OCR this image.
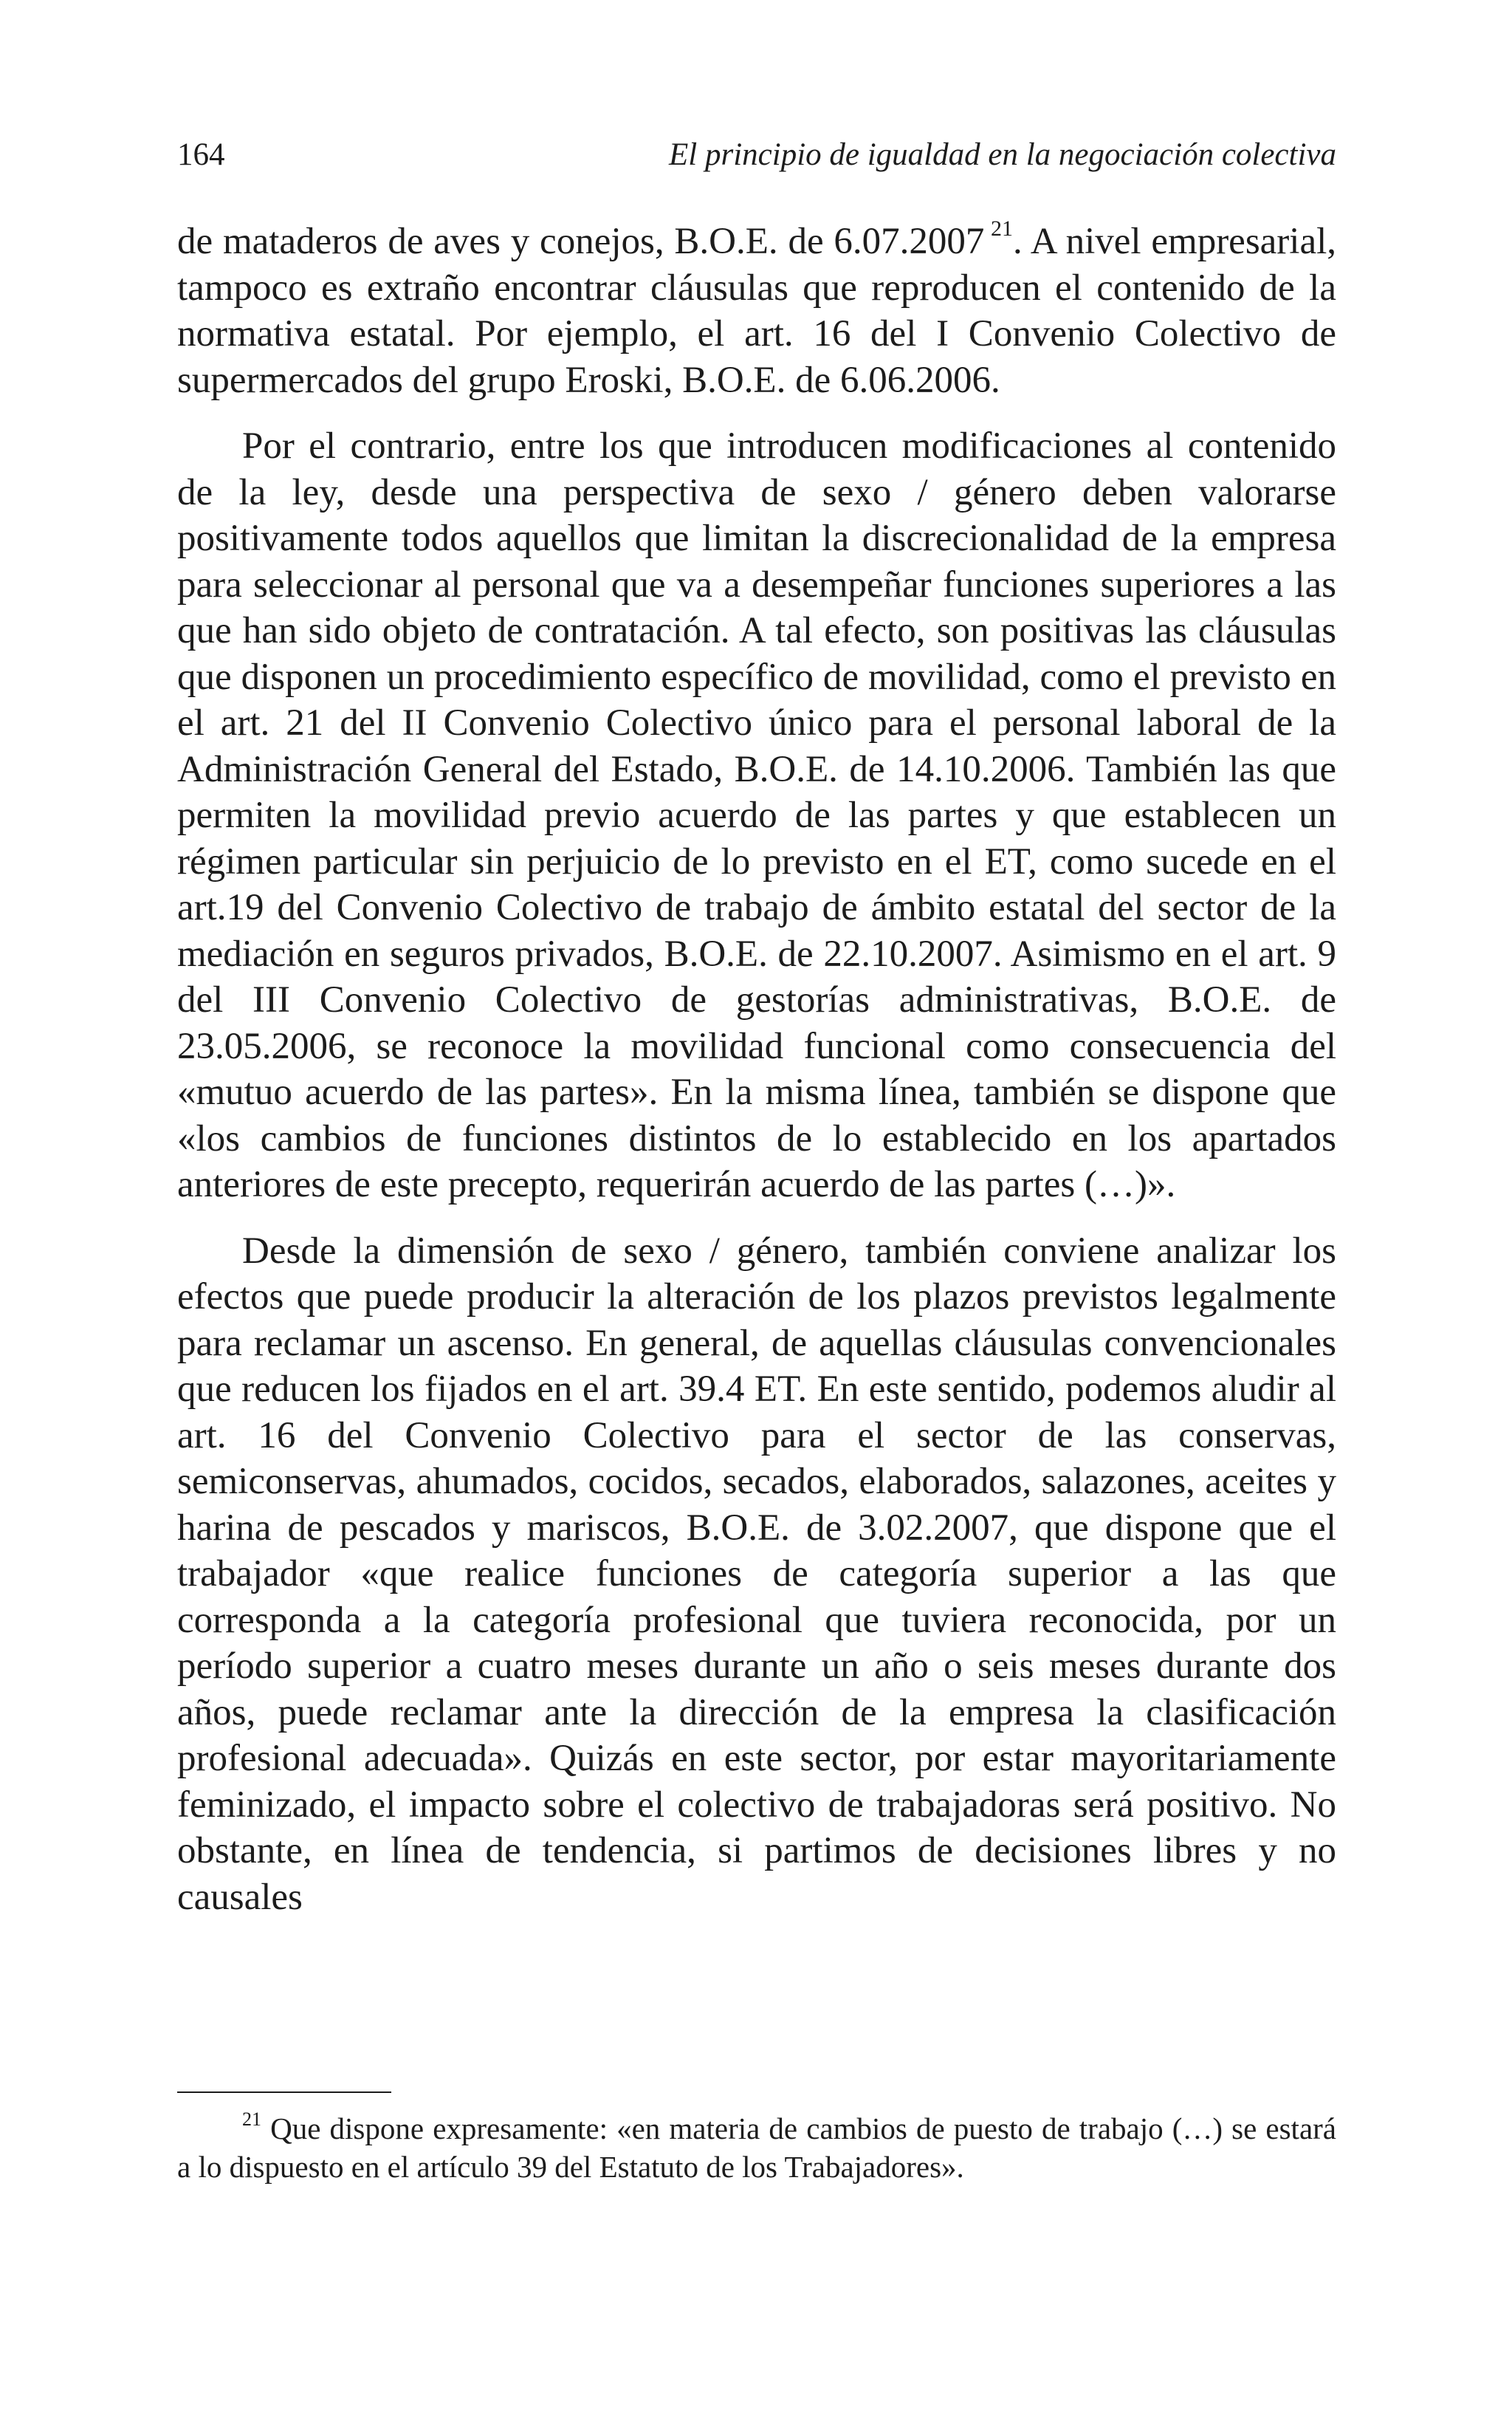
164	El principio de igualdad en la negociación colectiva

de mataderos de aves y conejos, B.O.E. de 6.07.2007 $^{21}$. A nivel empresarial, tampoco es extraño encontrar cláusulas que reproducen el contenido de la normativa estatal. Por ejemplo, el art. 16 del I Convenio Colectivo de supermercados del grupo Eroski, B.O.E. de 6.06.2006.

Por el contrario, entre los que introducen modificaciones al contenido de la ley, desde una perspectiva de sexo / género deben valorarse positivamente todos aquellos que limitan la discrecionalidad de la empresa para seleccionar al personal que va a desempeñar funciones superiores a las que han sido objeto de contratación. A tal efecto, son positivas las cláusulas que disponen un procedimiento específico de movilidad, como el previsto en el art. 21 del II Convenio Colectivo único para el personal laboral de la Administración General del Estado, B.O.E. de 14.10.2006. También las que permiten la movilidad previo acuerdo de las partes y que establecen un régimen particular sin perjuicio de lo previsto en el ET, como sucede en el art.19 del Convenio Colectivo de trabajo de ámbito estatal del sector de la mediación en seguros privados, B.O.E. de 22.10.2007. Asimismo en el art. 9 del III Convenio Colectivo de gestorías administrativas, B.O.E. de 23.05.2006, se reconoce la movilidad funcional como consecuencia del «mutuo acuerdo de las partes». En la misma línea, también se dispone que «los cambios de funciones distintos de lo establecido en los apartados anteriores de este precepto, requerirán acuerdo de las partes (…)».

Desde la dimensión de sexo / género, también conviene analizar los efectos que puede producir la alteración de los plazos previstos legalmente para reclamar un ascenso. En general, de aquellas cláusulas convencionales que reducen los fijados en el art. 39.4 ET. En este sentido, podemos aludir al art. 16 del Convenio Colectivo para el sector de las conservas, semiconservas, ahumados, cocidos, secados, elaborados, salazones, aceites y harina de pescados y mariscos, B.O.E. de 3.02.2007, que dispone que el trabajador «que realice funciones de categoría superior a las que corresponda a la categoría profesional que tuviera reconocida, por un período superior a cuatro meses durante un año o seis meses durante dos años, puede reclamar ante la dirección de la empresa la clasificación profesional adecuada». Quizás en este sector, por estar mayoritariamente feminizado, el impacto sobre el colectivo de trabajadoras será positivo. No obstante, en línea de tendencia, si partimos de decisiones libres y no causales

$^{21}$ Que dispone expresamente: «en materia de cambios de puesto de trabajo (…) se estará a lo dispuesto en el artículo 39 del Estatuto de los Trabajadores».
